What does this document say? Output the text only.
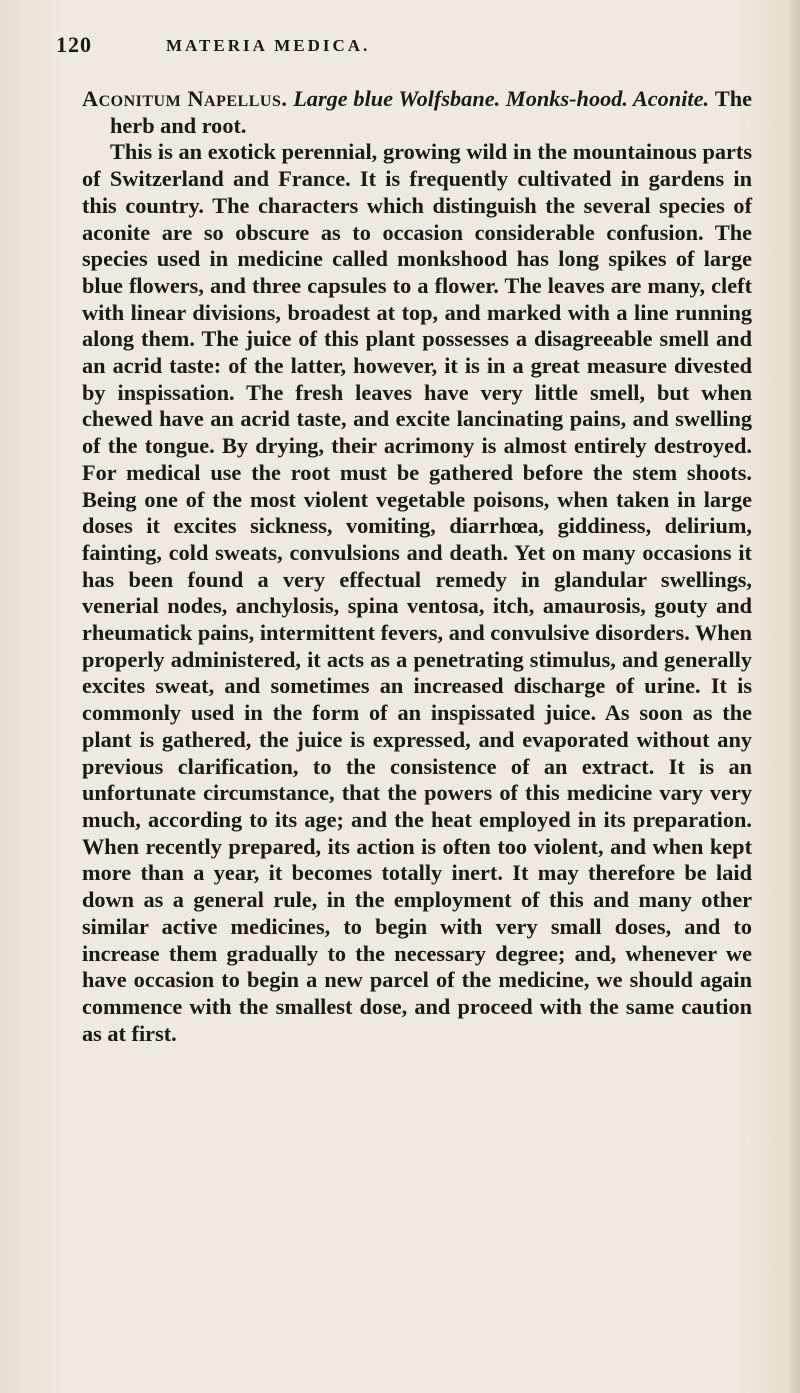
120	MATERIA MEDICA.

Aconitum Napellus. Large blue Wolfsbane. Monks-hood. Aconite. The herb and root.

This is an exotick perennial, growing wild in the mountainous parts of Switzerland and France. It is frequently cultivated in gardens in this country. The characters which distinguish the several species of aconite are so obscure as to occasion considerable confusion. The species used in medicine called monkshood has long spikes of large blue flowers, and three capsules to a flower. The leaves are many, cleft with linear divisions, broadest at top, and marked with a line running along them. The juice of this plant possesses a disagreeable smell and an acrid taste: of the latter, however, it is in a great measure divested by inspissation. The fresh leaves have very little smell, but when chewed have an acrid taste, and excite lancinating pains, and swelling of the tongue. By drying, their acrimony is almost entirely destroyed. For medical use the root must be gathered before the stem shoots. Being one of the most violent vegetable poisons, when taken in large doses it excites sickness, vomiting, diarrhœa, giddiness, delirium, fainting, cold sweats, convulsions and death. Yet on many occasions it has been found a very effectual remedy in glandular swellings, venerial nodes, anchylosis, spina ventosa, itch, amaurosis, gouty and rheumatick pains, intermittent fevers, and convulsive disorders. When properly administered, it acts as a penetrating stimulus, and generally excites sweat, and sometimes an increased discharge of urine. It is commonly used in the form of an inspissated juice. As soon as the plant is gathered, the juice is expressed, and evaporated without any previous clarification, to the consistence of an extract. It is an unfortunate circumstance, that the powers of this medicine vary very much, according to its age; and the heat employed in its preparation. When recently prepared, its action is often too violent, and when kept more than a year, it becomes totally inert. It may therefore be laid down as a general rule, in the employment of this and many other similar active medicines, to begin with very small doses, and to increase them gradually to the necessary degree; and, whenever we have occasion to begin a new parcel of the medicine, we should again commence with the smallest dose, and proceed with the same caution as at first.
